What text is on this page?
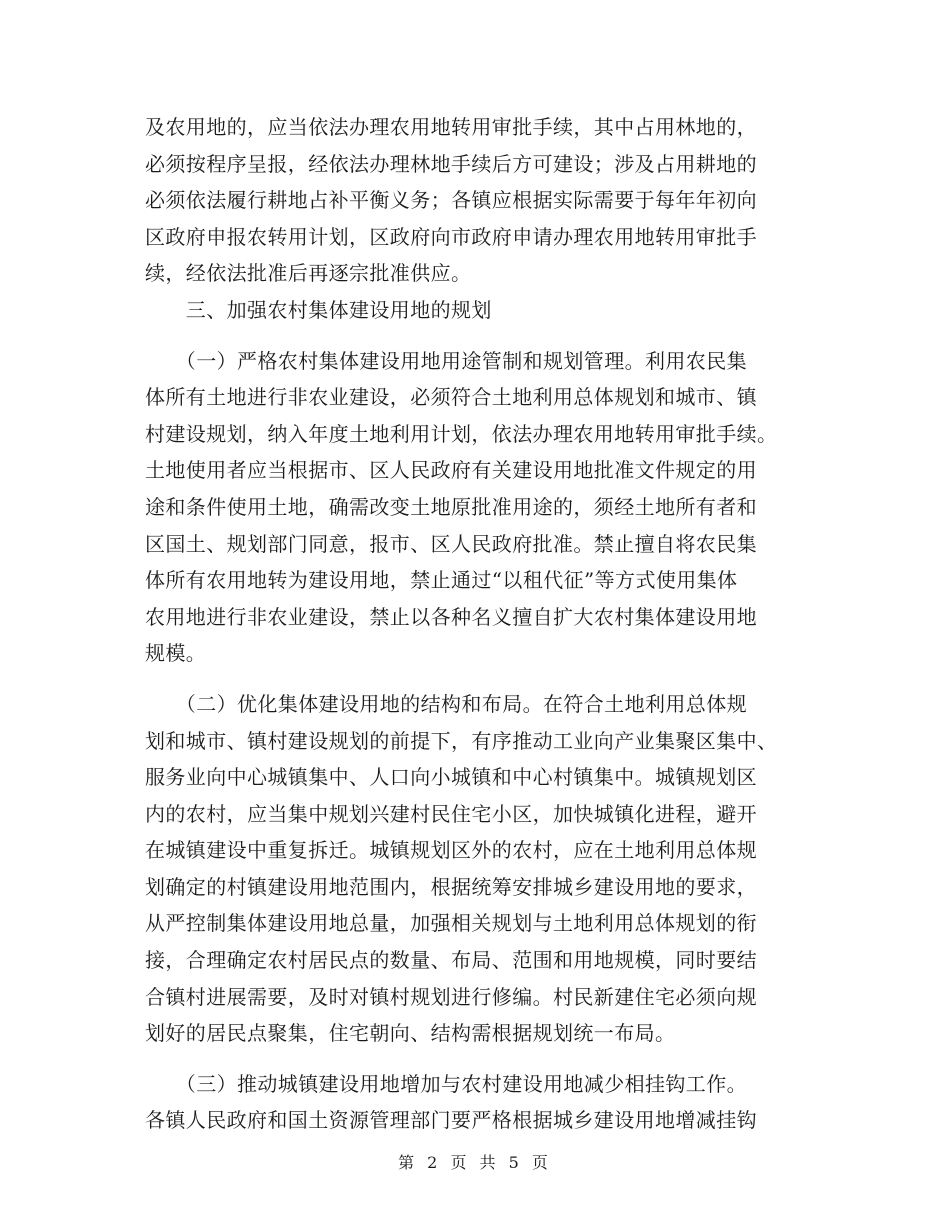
及农用地的，应当依法办理农用地转用审批手续，其中占用林地的，
必须按程序呈报，经依法办理林地手续后方可建设；涉及占用耕地的
必须依法履行耕地占补平衡义务；各镇应根据实际需要于每年年初向
区政府申报农转用计划，区政府向市政府申请办理农用地转用审批手
续，经依法批准后再逐宗批准供应。
　　三、加强农村集体建设用地的规划
　　（一）严格农村集体建设用地用途管制和规划管理。利用农民集
体所有土地进行非农业建设，必须符合土地利用总体规划和城市、镇
村建设规划，纳入年度土地利用计划，依法办理农用地转用审批手续。
土地使用者应当根据市、区人民政府有关建设用地批准文件规定的用
途和条件使用土地，确需改变土地原批准用途的，须经土地所有者和
区国土、规划部门同意，报市、区人民政府批准。禁止擅自将农民集
体所有农用地转为建设用地，禁止通过“以租代征”等方式使用集体
农用地进行非农业建设，禁止以各种名义擅自扩大农村集体建设用地
规模。
　　（二）优化集体建设用地的结构和布局。在符合土地利用总体规
划和城市、镇村建设规划的前提下，有序推动工业向产业集聚区集中、
服务业向中心城镇集中、人口向小城镇和中心村镇集中。城镇规划区
内的农村，应当集中规划兴建村民住宅小区，加快城镇化进程，避开
在城镇建设中重复拆迁。城镇规划区外的农村，应在土地利用总体规
划确定的村镇建设用地范围内，根据统筹安排城乡建设用地的要求，
从严控制集体建设用地总量，加强相关规划与土地利用总体规划的衔
接，合理确定农村居民点的数量、布局、范围和用地规模，同时要结
合镇村进展需要，及时对镇村规划进行修编。村民新建住宅必须向规
划好的居民点聚集，住宅朝向、结构需根据规划统一布局。
　　（三）推动城镇建设用地增加与农村建设用地减少相挂钩工作。
各镇人民政府和国土资源管理部门要严格根据城乡建设用地增减挂钩
第 2 页 共 5 页
